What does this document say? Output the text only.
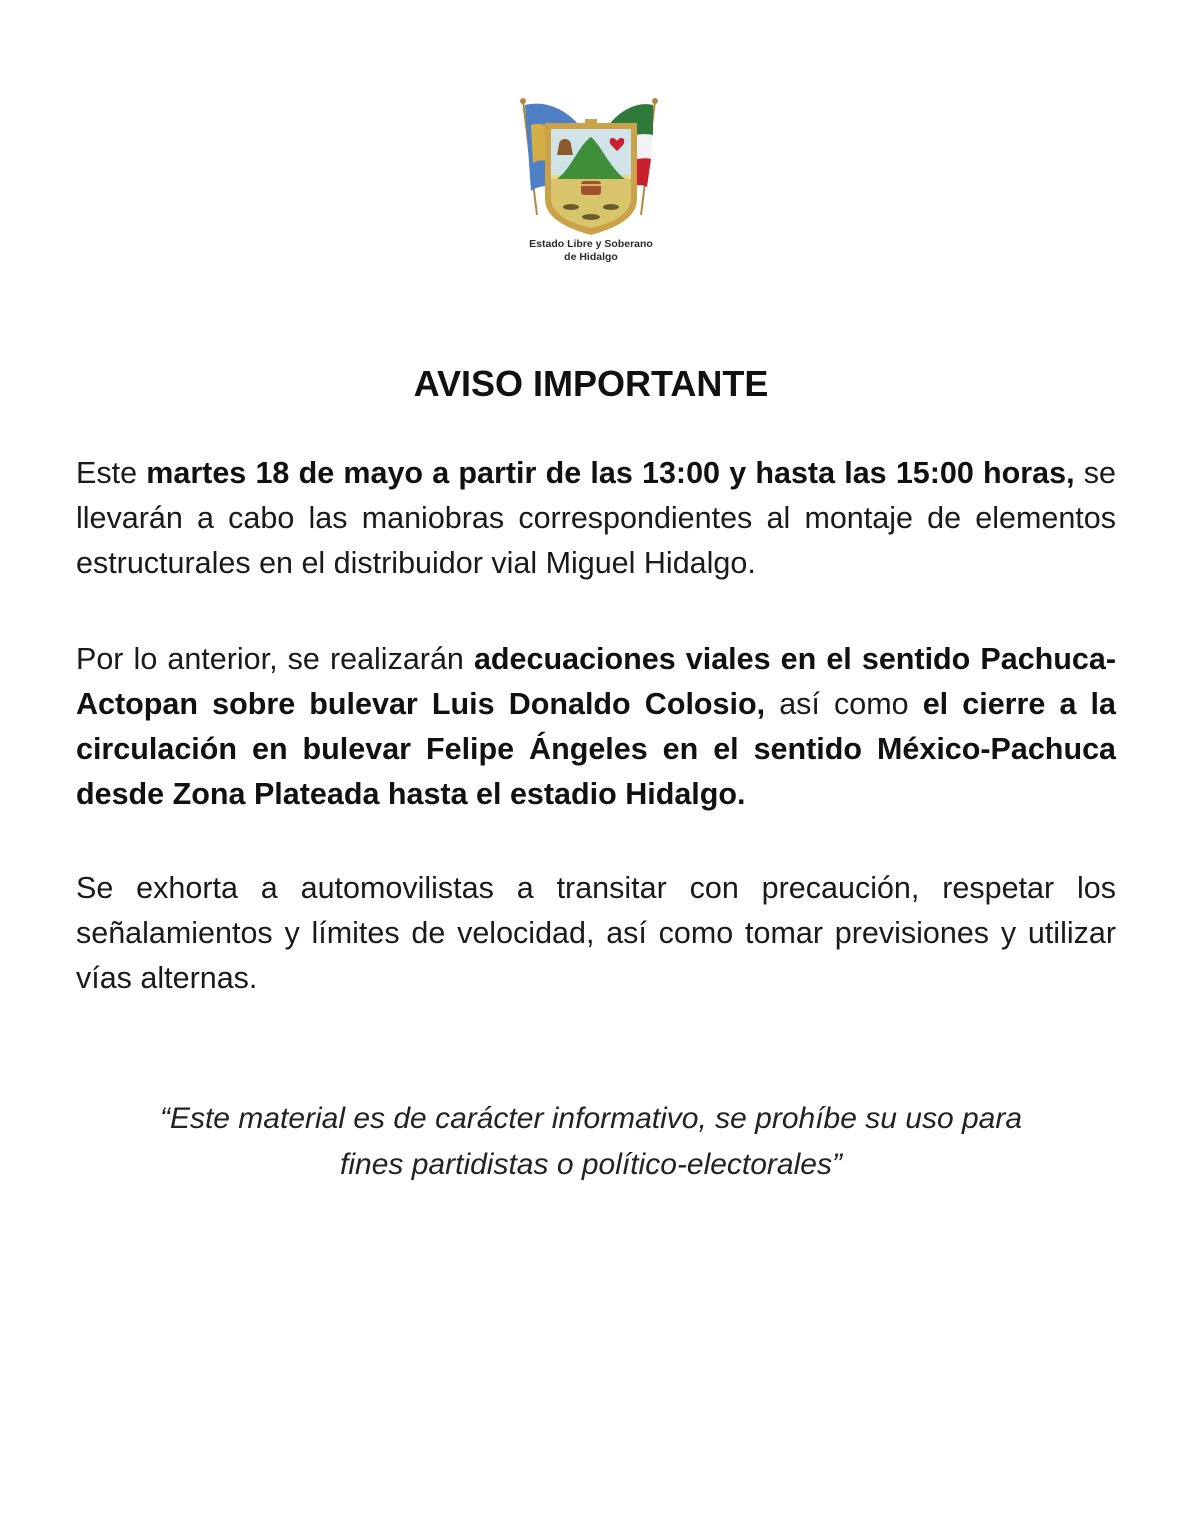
Estado Libre y Soberano
de Hidalgo
AVISO IMPORTANTE

Este martes 18 de mayo a partir de las 13:00 y hasta las 15:00 horas, se llevarán a cabo las maniobras correspondientes al montaje de elementos estructurales en el distribuidor vial Miguel Hidalgo.

Por lo anterior, se realizarán adecuaciones viales en el sentido Pachuca-Actopan sobre bulevar Luis Donaldo Colosio, así como el cierre a la circulación en bulevar Felipe Ángeles en el sentido México-Pachuca desde Zona Plateada hasta el estadio Hidalgo.

Se exhorta a automovilistas a transitar con precaución, respetar los señalamientos y límites de velocidad, así como tomar previsiones y utilizar vías alternas.

“Este material es de carácter informativo, se prohíbe su uso para
fines partidistas o político-electorales”
